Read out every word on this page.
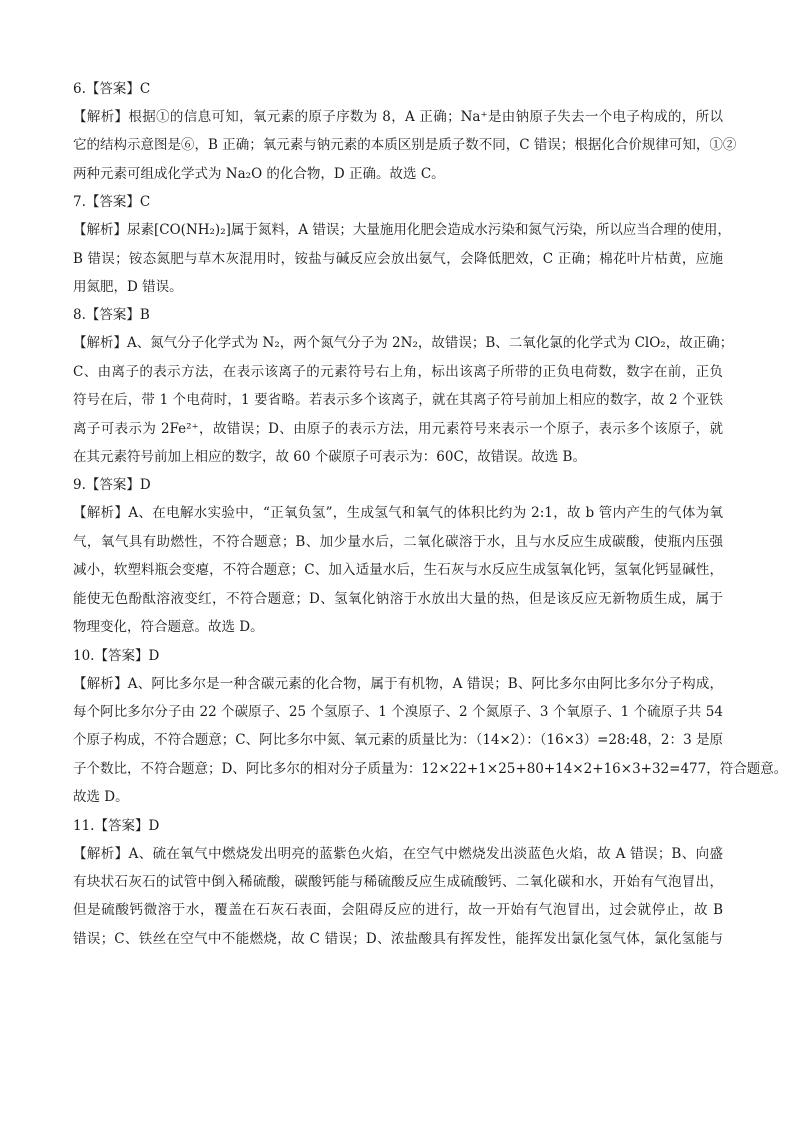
6.【答案】C

【解析】根据①的信息可知，氧元素的原子序数为 8，A 正确；Na⁺是由钠原子失去一个电子构成的，所以
它的结构示意图是⑥，B 正确；氧元素与钠元素的本质区别是质子数不同，C 错误；根据化合价规律可知，①②
两种元素可组成化学式为 Na₂O 的化合物，D 正确。故选 C。

7.【答案】C

【解析】尿素[CO(NH₂)₂]属于氮料，A 错误；大量施用化肥会造成水污染和氮气污染，所以应当合理的使用，
B 错误；铵态氮肥与草木灰混用时，铵盐与碱反应会放出氨气，会降低肥效，C 正确；棉花叶片枯黄，应施
用氮肥，D 错误。

8.【答案】B

【解析】A、氮气分子化学式为 N₂，两个氮气分子为 2N₂，故错误；B、二氧化氯的化学式为 ClO₂，故正确；
C、由离子的表示方法，在表示该离子的元素符号右上角，标出该离子所带的正负电荷数，数字在前，正负
符号在后，带 1 个电荷时，1 要省略。若表示多个该离子，就在其离子符号前加上相应的数字，故 2 个亚铁
离子可表示为 2Fe²⁺，故错误；D、由原子的表示方法，用元素符号来表示一个原子，表示多个该原子，就
在其元素符号前加上相应的数字，故 60 个碳原子可表示为：60C，故错误。故选 B。

9.【答案】D

【解析】A、在电解水实验中，“正氧负氢”，生成氢气和氧气的体积比约为 2:1，故 b 管内产生的气体为氧
气，氧气具有助燃性，不符合题意；B、加少量水后，二氧化碳溶于水，且与水反应生成碳酸，使瓶内压强
减小，软塑料瓶会变瘪，不符合题意；C、加入适量水后，生石灰与水反应生成氢氧化钙，氢氧化钙显碱性，
能使无色酚酞溶液变红，不符合题意；D、氢氧化钠溶于水放出大量的热，但是该反应无新物质生成，属于
物理变化，符合题意。故选 D。

10.【答案】D

【解析】A、阿比多尔是一种含碳元素的化合物，属于有机物，A 错误；B、阿比多尔由阿比多尔分子构成，
每个阿比多尔分子由 22 个碳原子、25 个氢原子、1 个溴原子、2 个氮原子、3 个氧原子、1 个硫原子共 54
个原子构成，不符合题意；C、阿比多尔中氮、氧元素的质量比为：（14×2）：（16×3）=28:48，2：3 是原
子个数比，不符合题意；D、阿比多尔的相对分子质量为：12×22+1×25+80+14×2+16×3+32=477，符合题意。
故选 D。

11.【答案】D

【解析】A、硫在氧气中燃烧发出明亮的蓝紫色火焰，在空气中燃烧发出淡蓝色火焰，故 A 错误；B、向盛
有块状石灰石的试管中倒入稀硫酸，碳酸钙能与稀硫酸反应生成硫酸钙、二氧化碳和水，开始有气泡冒出，
但是硫酸钙微溶于水，覆盖在石灰石表面，会阻碍反应的进行，故一开始有气泡冒出，过会就停止，故 B
错误；C、铁丝在空气中不能燃烧，故 C 错误；D、浓盐酸具有挥发性，能挥发出氯化氢气体，氯化氢能与
